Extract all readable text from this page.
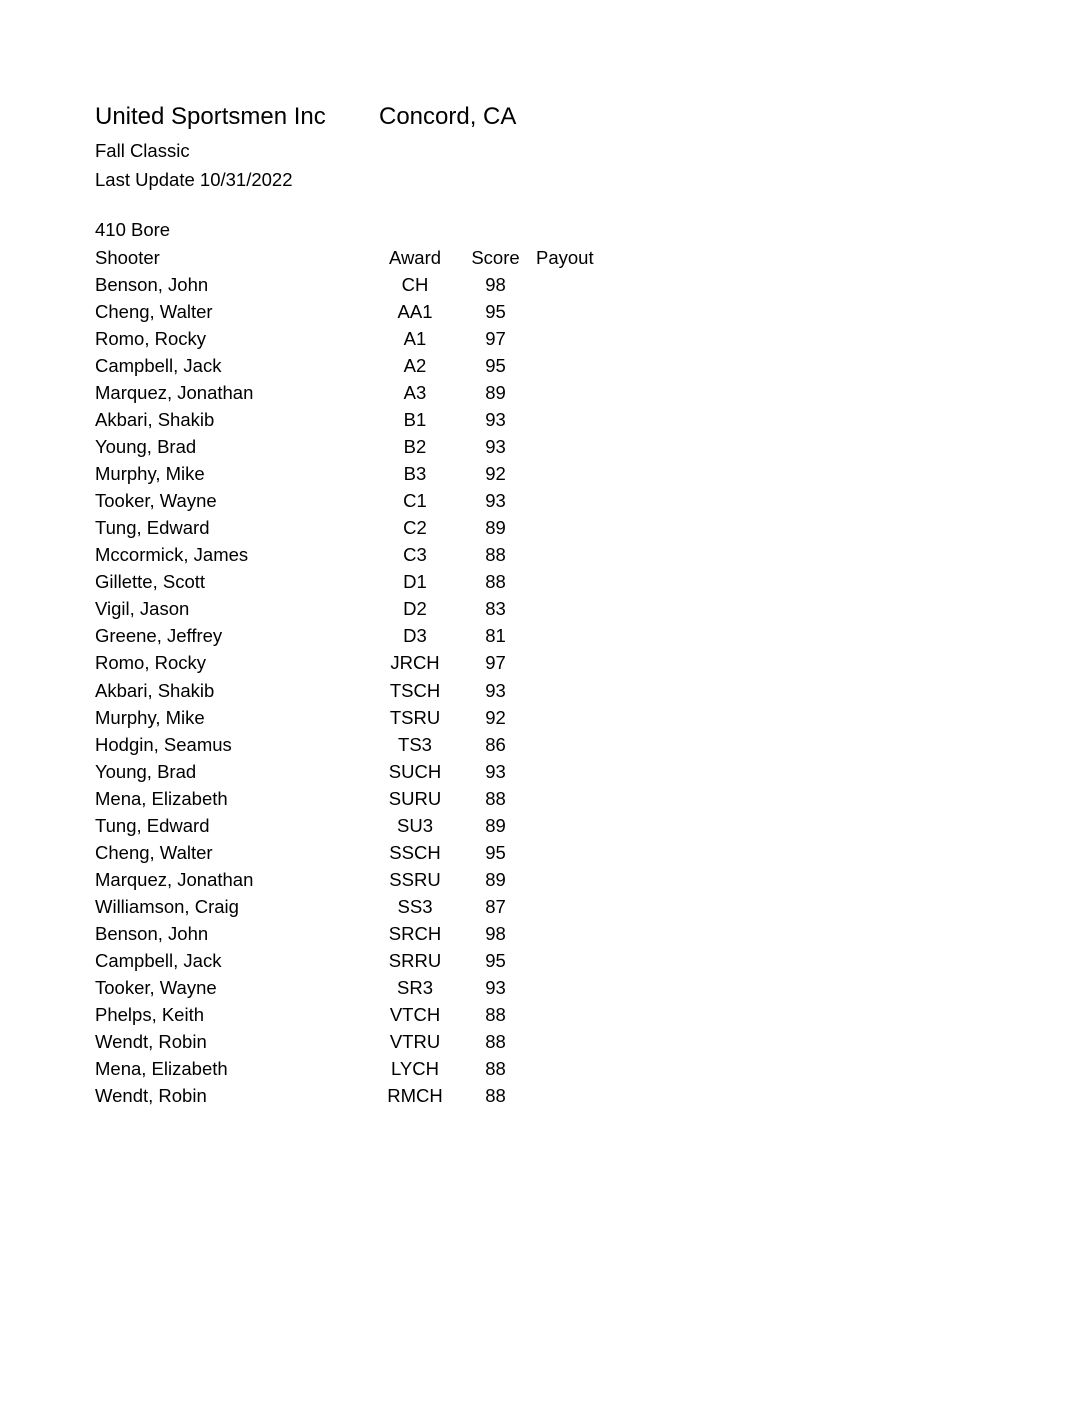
United Sportsmen Inc	Concord, CA
Fall Classic
Last Update 10/31/2022
410 Bore
Shooter	Award	Score Payout
Benson, John	CH	98
Cheng, Walter	AA1	95
Romo, Rocky	A1	97
Campbell, Jack	A2	95
Marquez, Jonathan	A3	89
Akbari, Shakib	B1	93
Young, Brad	B2	93
Murphy, Mike	B3	92
Tooker, Wayne	C1	93
Tung, Edward	C2	89
Mccormick, James	C3	88
Gillette, Scott	D1	88
Vigil, Jason	D2	83
Greene, Jeffrey	D3	81
Romo, Rocky	JRCH	97
Akbari, Shakib	TSCH	93
Murphy, Mike	TSRU	92
Hodgin, Seamus	TS3	86
Young, Brad	SUCH	93
Mena, Elizabeth	SURU	88
Tung, Edward	SU3	89
Cheng, Walter	SSCH	95
Marquez, Jonathan	SSRU	89
Williamson, Craig	SS3	87
Benson, John	SRCH	98
Campbell, Jack	SRRU	95
Tooker, Wayne	SR3	93
Phelps, Keith	VTCH	88
Wendt, Robin	VTRU	88
Mena, Elizabeth	LYCH	88
Wendt, Robin	RMCH	88
